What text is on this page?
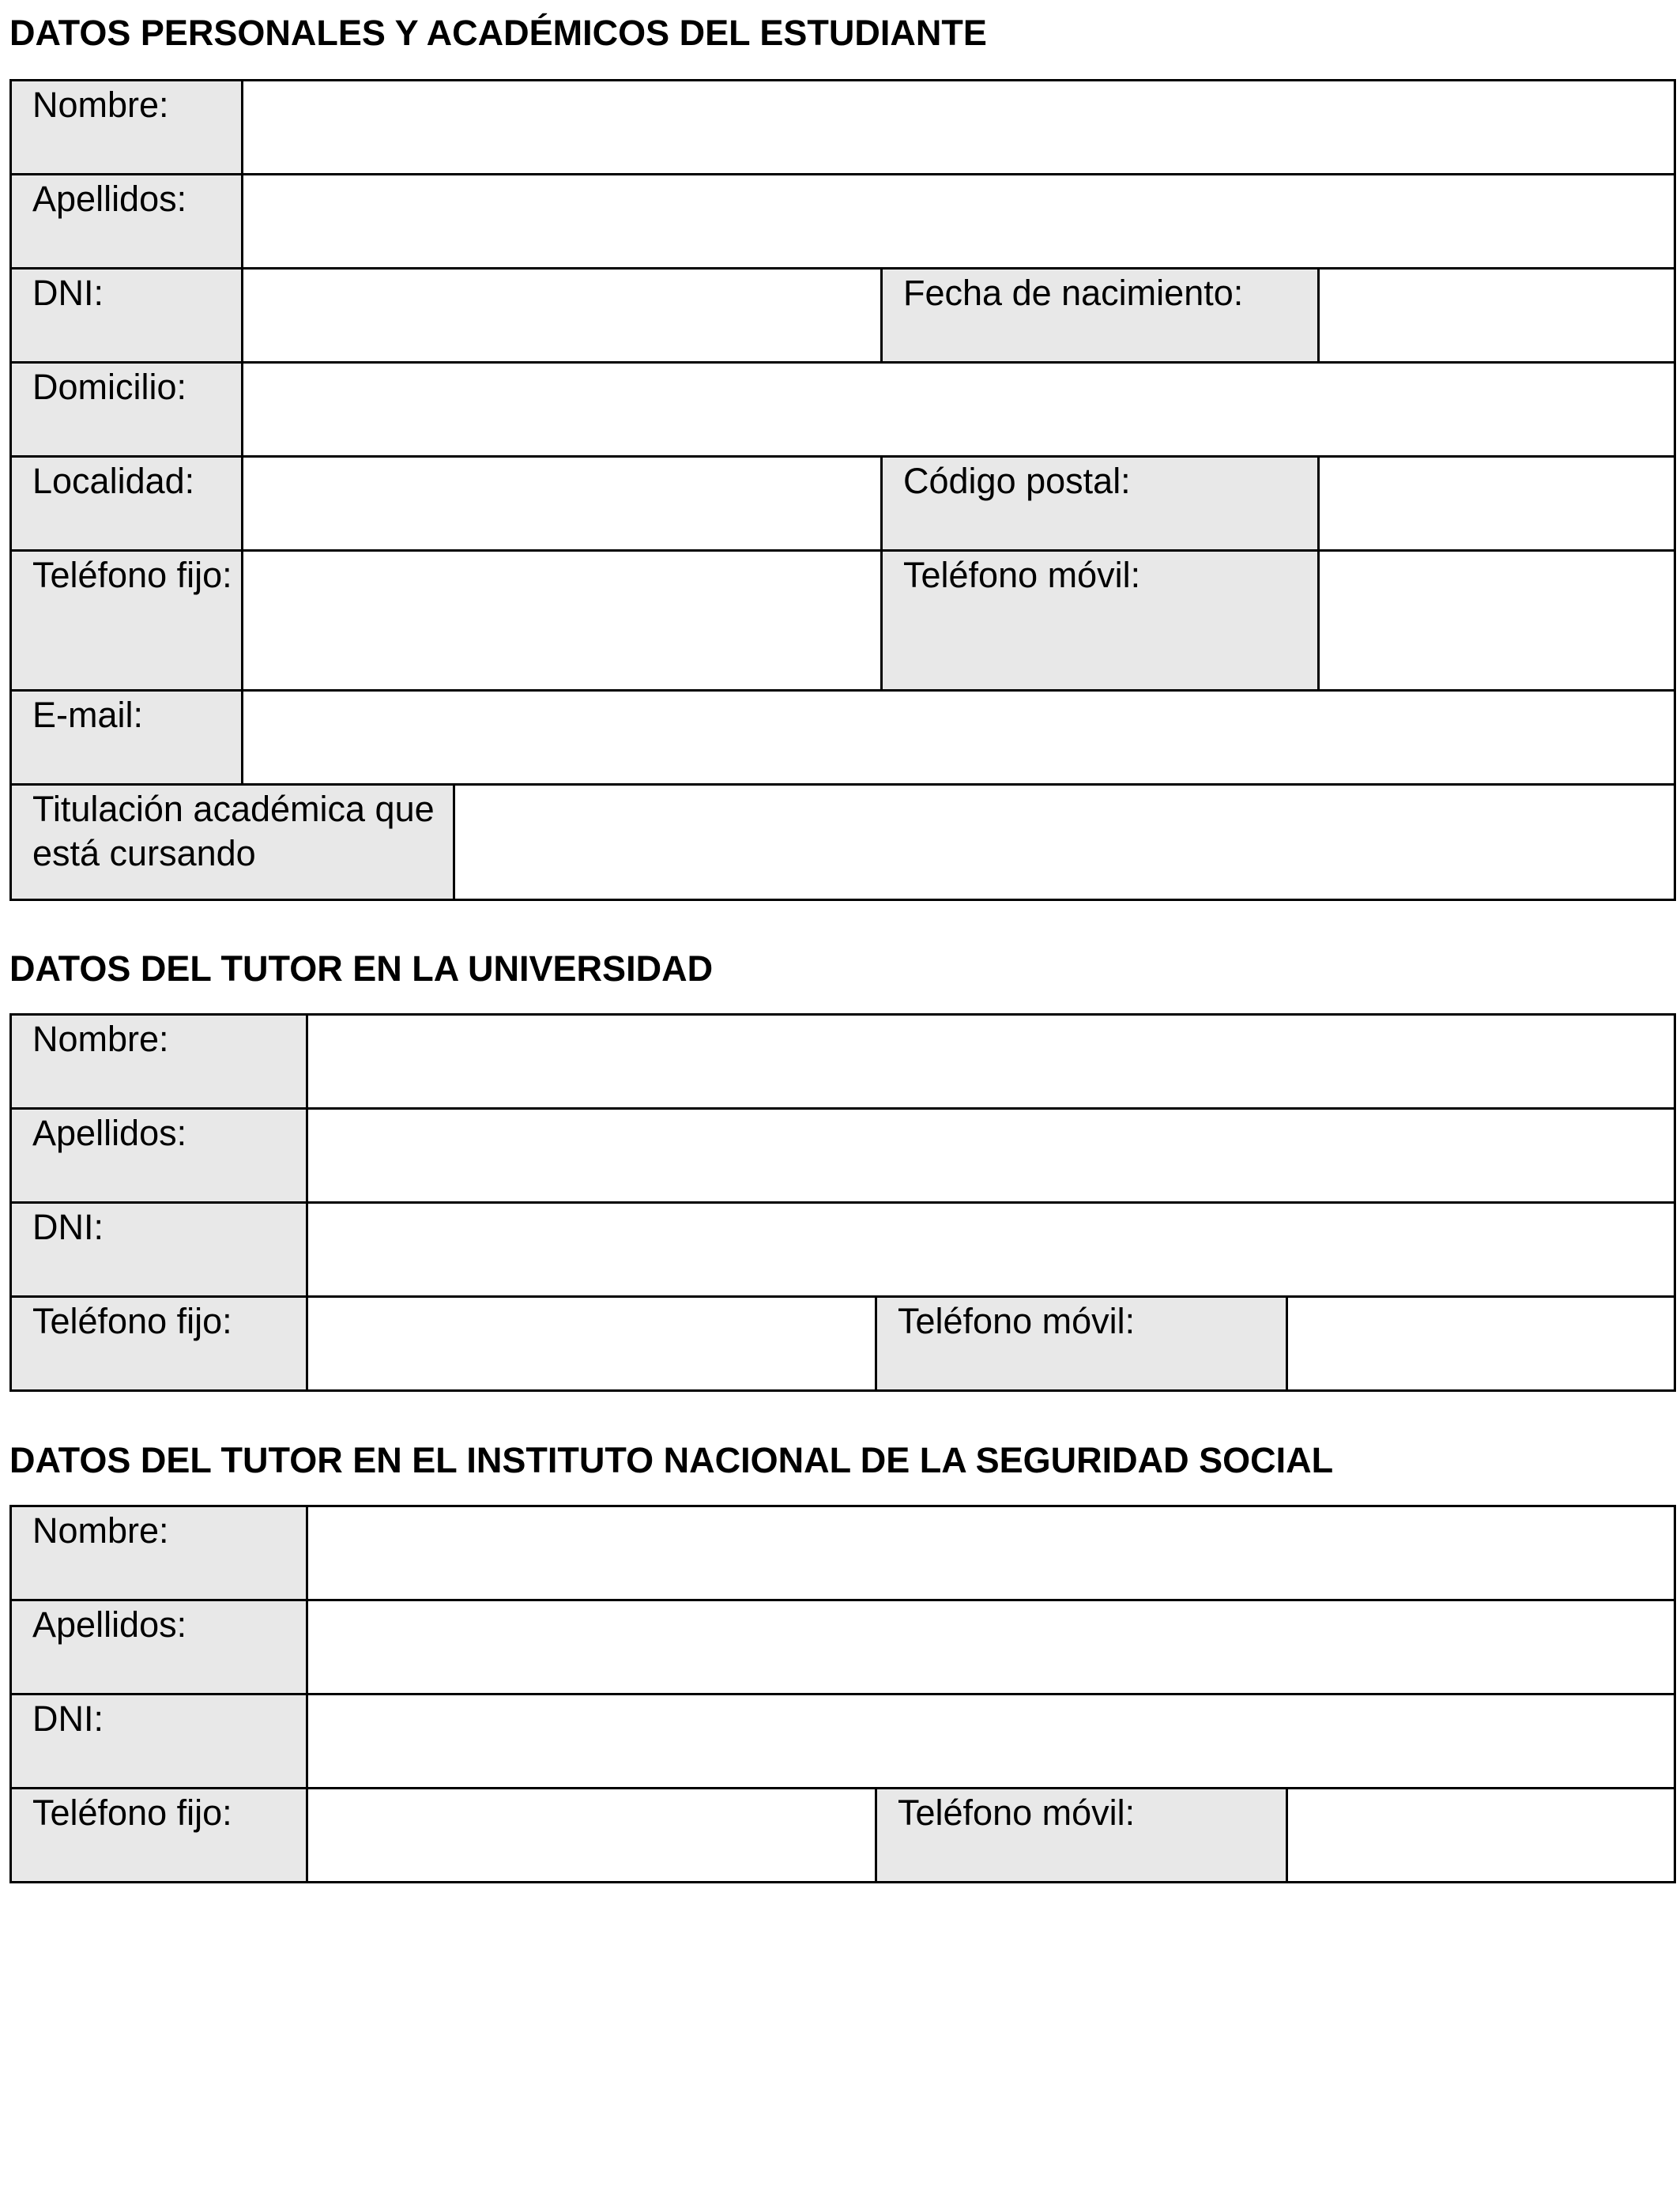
DATOS PERSONALES Y ACADÉMICOS DEL ESTUDIANTE
Nombre:	

Apellidos:	

DNI:			Fecha de nacimiento:	

Domicilio:	

Localidad:			Código postal:	

Teléfono fijo:			Teléfono móvil:	

E-mail:	

Titulación académica que está cursando	
DATOS DEL TUTOR EN LA UNIVERSIDAD
Nombre:	

Apellidos:	

DNI:	

Teléfono fijo:		Teléfono móvil:	
DATOS DEL TUTOR EN EL INSTITUTO NACIONAL DE LA SEGURIDAD SOCIAL
Nombre:	

Apellidos:	

DNI:	

Teléfono fijo:		Teléfono móvil:	
